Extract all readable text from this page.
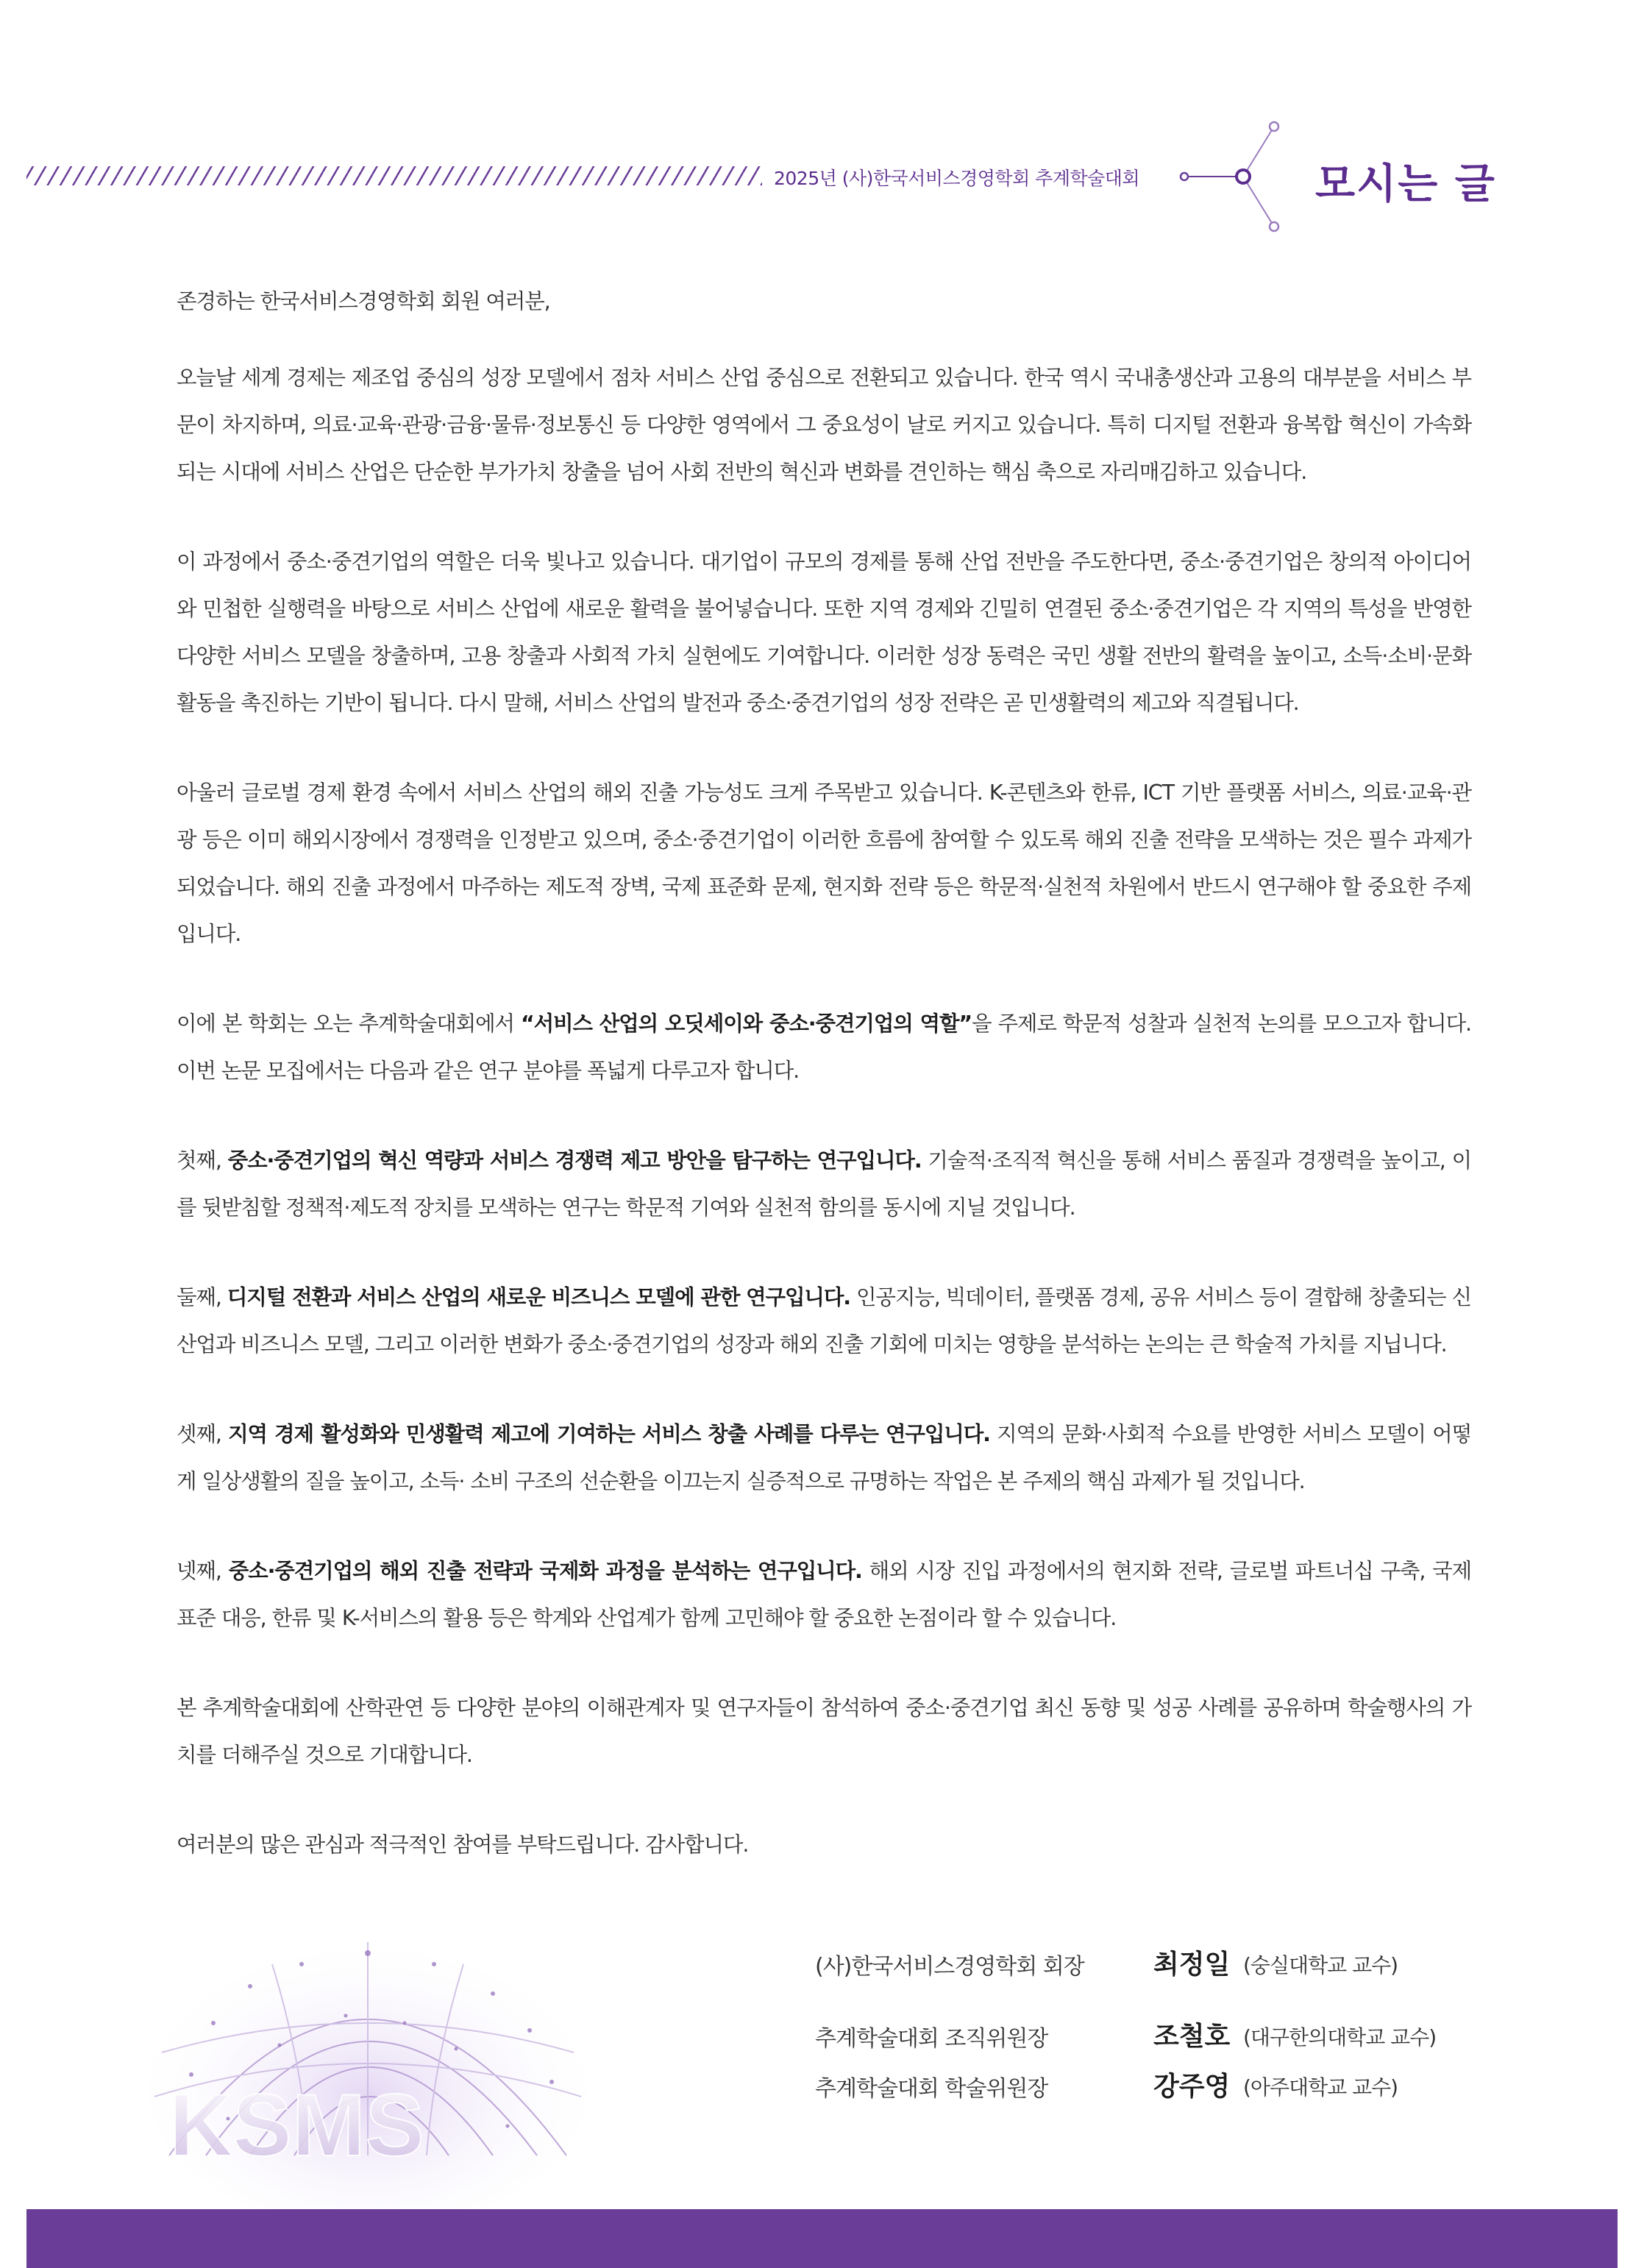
2025년 (사)한국서비스경영학회 추계학술대회	모시는 글

존경하는 한국서비스경영학회 회원 여러분,

오늘날 세계 경제는 제조업 중심의 성장 모델에서 점차 서비스 산업 중심으로 전환되고 있습니다. 한국 역시 국내총생산과 고용의 대부분을 서비스 부문이 차지하며, 의료·교육·관광·금융·물류·정보통신 등 다양한 영역에서 그 중요성이 날로 커지고 있습니다. 특히 디지털 전환과 융복합 혁신이 가속화되는 시대에 서비스 산업은 단순한 부가가치 창출을 넘어 사회 전반의 혁신과 변화를 견인하는 핵심 축으로 자리매김하고 있습니다.

이 과정에서 중소·중견기업의 역할은 더욱 빛나고 있습니다. 대기업이 규모의 경제를 통해 산업 전반을 주도한다면, 중소·중견기업은 창의적 아이디어와 민첩한 실행력을 바탕으로 서비스 산업에 새로운 활력을 불어넣습니다. 또한 지역 경제와 긴밀히 연결된 중소·중견기업은 각 지역의 특성을 반영한 다양한 서비스 모델을 창출하며, 고용 창출과 사회적 가치 실현에도 기여합니다. 이러한 성장 동력은 국민 생활 전반의 활력을 높이고, 소득·소비·문화 활동을 촉진하는 기반이 됩니다. 다시 말해, 서비스 산업의 발전과 중소·중견기업의 성장 전략은 곧 민생활력의 제고와 직결됩니다.

아울러 글로벌 경제 환경 속에서 서비스 산업의 해외 진출 가능성도 크게 주목받고 있습니다. K-콘텐츠와 한류, ICT 기반 플랫폼 서비스, 의료·교육·관광 등은 이미 해외시장에서 경쟁력을 인정받고 있으며, 중소·중견기업이 이러한 흐름에 참여할 수 있도록 해외 진출 전략을 모색하는 것은 필수 과제가 되었습니다. 해외 진출 과정에서 마주하는 제도적 장벽, 국제 표준화 문제, 현지화 전략 등은 학문적·실천적 차원에서 반드시 연구해야 할 중요한 주제입니다.

이에 본 학회는 오는 추계학술대회에서 “서비스 산업의 오딧세이와 중소·중견기업의 역할”을 주제로 학문적 성찰과 실천적 논의를 모으고자 합니다. 이번 논문 모집에서는 다음과 같은 연구 분야를 폭넓게 다루고자 합니다.

첫째, 중소·중견기업의 혁신 역량과 서비스 경쟁력 제고 방안을 탐구하는 연구입니다. 기술적·조직적 혁신을 통해 서비스 품질과 경쟁력을 높이고, 이를 뒷받침할 정책적·제도적 장치를 모색하는 연구는 학문적 기여와 실천적 함의를 동시에 지닐 것입니다.

둘째, 디지털 전환과 서비스 산업의 새로운 비즈니스 모델에 관한 연구입니다. 인공지능, 빅데이터, 플랫폼 경제, 공유 서비스 등이 결합해 창출되는 신산업과 비즈니스 모델, 그리고 이러한 변화가 중소·중견기업의 성장과 해외 진출 기회에 미치는 영향을 분석하는 논의는 큰 학술적 가치를 지닙니다.

셋째, 지역 경제 활성화와 민생활력 제고에 기여하는 서비스 창출 사례를 다루는 연구입니다. 지역의 문화·사회적 수요를 반영한 서비스 모델이 어떻게 일상생활의 질을 높이고, 소득· 소비 구조의 선순환을 이끄는지 실증적으로 규명하는 작업은 본 주제의 핵심 과제가 될 것입니다.

넷째, 중소·중견기업의 해외 진출 전략과 국제화 과정을 분석하는 연구입니다. 해외 시장 진입 과정에서의 현지화 전략, 글로벌 파트너십 구축, 국제 표준 대응, 한류 및 K-서비스의 활용 등은 학계와 산업계가 함께 고민해야 할 중요한 논점이라 할 수 있습니다.

본 추계학술대회에 산학관연 등 다양한 분야의 이해관계자 및 연구자들이 참석하여 중소·중견기업 최신 동향 및 성공 사례를 공유하며 학술행사의 가치를 더해주실 것으로 기대합니다.

여러분의 많은 관심과 적극적인 참여를 부탁드립니다. 감사합니다.

KSMS
(사)한국서비스경영학회 회장	최정일 (숭실대학교 교수)
추계학술대회 조직위원장	조철호 (대구한의대학교 교수)
추계학술대회 학술위원장	강주영 (아주대학교 교수)
